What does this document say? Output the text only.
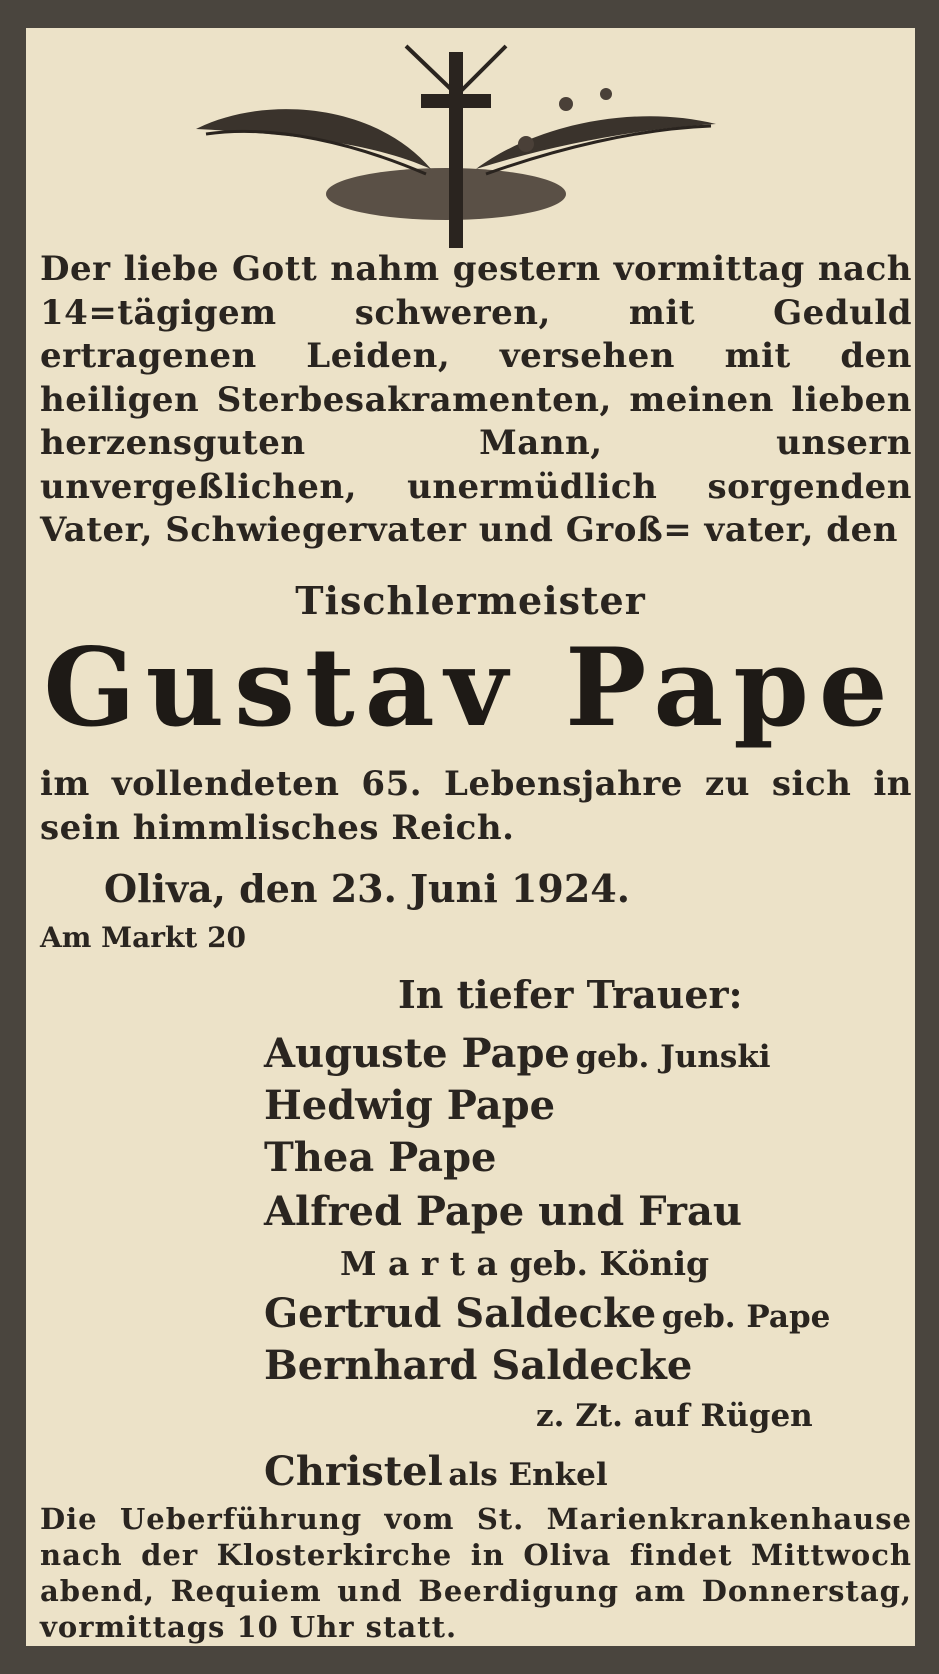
Der liebe Gott nahm gestern vormittag nach 14=tägigem schweren, mit Geduld ertragenen Leiden, versehen mit den heiligen Sterbesakramenten, meinen lieben herzensguten Mann, unsern unvergeßlichen, unermüdlich sorgenden Vater, Schwiegervater und Groß= vater, den
Tischlermeister
Gustav Pape
im vollendeten 65. Lebensjahre zu sich in sein himmlisches Reich.
Oliva, den 23. Juni 1924.
Am Markt 20
In tiefer Trauer:
Auguste Pape geb. Junski
Hedwig Pape
Thea Pape
Alfred Pape und Frau
M a r t a geb. König
Gertrud Saldecke geb. Pape
Bernhard Saldecke
z. Zt. auf Rügen
Christel als Enkel
Die Ueberführung vom St. Marienkrankenhause nach der Klosterkirche in Oliva findet Mittwoch abend, Requiem und Beerdigung am Donnerstag, vormittags 10 Uhr statt.
